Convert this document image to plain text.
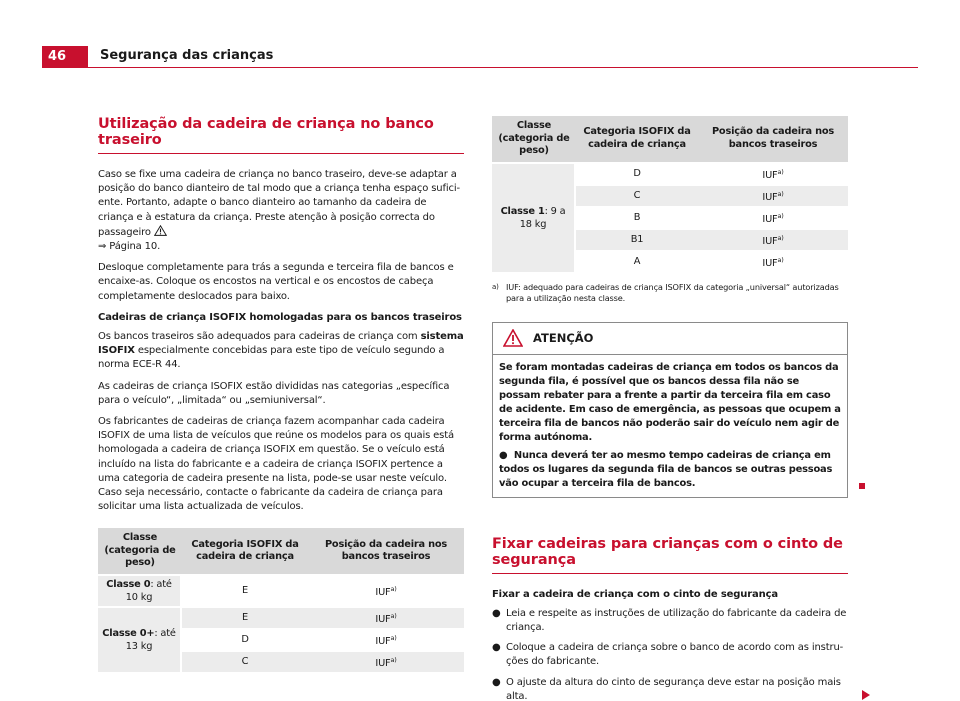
46	Segurança das crianças
Utilização da cadeira de criança no banco traseiro

Caso se fixe uma cadeira de criança no banco traseiro, deve-se adaptar a posição do banco dianteiro de tal modo que a criança tenha espaço suficiente. Portanto, adapte o banco dianteiro ao tamanho da cadeira de criança e à estatura da criança. Preste atenção à posição correcta do passageiro
⇒ Página 10.

Desloque completamente para trás a segunda e terceira fila de bancos e encaixe-as. Coloque os encostos na vertical e os encostos de cabeça completamente deslocados para baixo.

Cadeiras de criança ISOFIX homologadas para os bancos traseiros

Os bancos traseiros são adequados para cadeiras de criança com sistema ISOFIX especialmente concebidas para este tipo de veículo segundo a norma ECE-R 44.

As cadeiras de criança ISOFIX estão divididas nas categorias „específica para o veículo“, „limitada“ ou „semiuniversal“.

Os fabricantes de cadeiras de criança fazem acompanhar cada cadeira ISOFIX de uma lista de veículos que reúne os modelos para os quais está homologada a cadeira de criança ISOFIX em questão. Se o veículo está incluído na lista do fabricante e a cadeira de criança ISOFIX pertence a uma categoria de cadeira presente na lista, pode-se usar neste veículo. Caso seja necessário, contacte o fabricante da cadeira de criança para solicitar uma lista actualizada de veículos.

Classe (categoria de peso)	Categoria ISOFIX da cadeira de criança	Posição da cadeira nos bancos traseiros
Classe 0: até 10 kg	E	IUF$^{a)}$
Classe 0+: até 13 kg	E	IUF$^{a)}$
	D	IUF$^{a)}$
	C	IUF$^{a)}$
Classe (categoria de peso)	Categoria ISOFIX da cadeira de criança	Posição da cadeira nos bancos traseiros
Classe 1: 9 a 18 kg	D	IUF$^{a)}$
	C	IUF$^{a)}$
	B	IUF$^{a)}$
	B1	IUF$^{a)}$
	A	IUF$^{a)}$
a) IUF: adequado para cadeiras de criança ISOFIX da categoria „universal“ autorizadas para a utilização nesta classe.
ATENÇÃO

Se foram montadas cadeiras de criança em todos os bancos da segunda fila, é possível que os bancos dessa fila não se possam rebater para a frente a partir da terceira fila em caso de acidente. Em caso de emergência, as pessoas que ocupem a terceira fila de bancos não poderão sair do veículo nem agir de forma autónoma.

● Nunca deverá ter ao mesmo tempo cadeiras de criança em todos os lugares da segunda fila de bancos se outras pessoas vão ocupar a terceira fila de bancos.

Fixar cadeiras para crianças com o cinto de segurança

Fixar a cadeira de criança com o cinto de segurança

● Leia e respeite as instruções de utilização do fabricante da cadeira de criança.
● Coloque a cadeira de criança sobre o banco de acordo com as instruções do fabricante.
● O ajuste da altura do cinto de segurança deve estar na posição mais alta.
